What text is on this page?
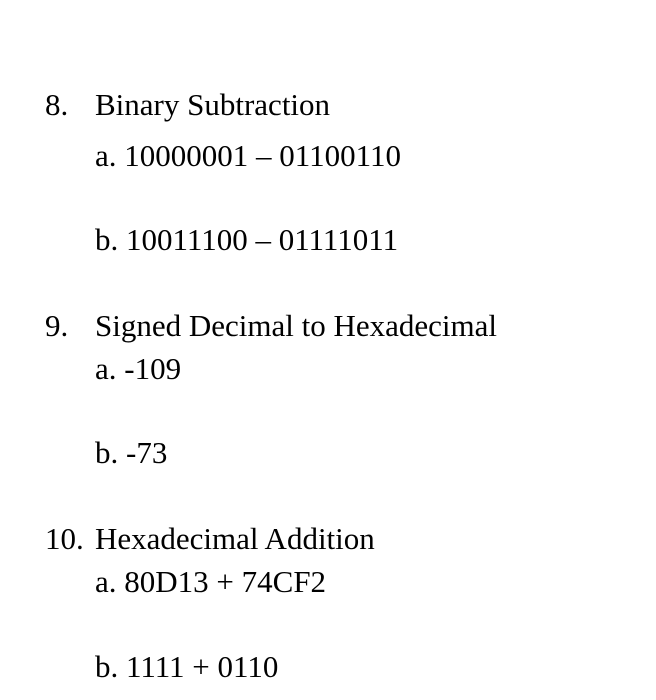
8. Binary Subtraction
a. 10000001 – 01100110
b. 10011100 – 01111011
9. Signed Decimal to Hexadecimal
a. -109
b. -73
10. Hexadecimal Addition
a. 80D13 + 74CF2
b. 1111 + 0110
